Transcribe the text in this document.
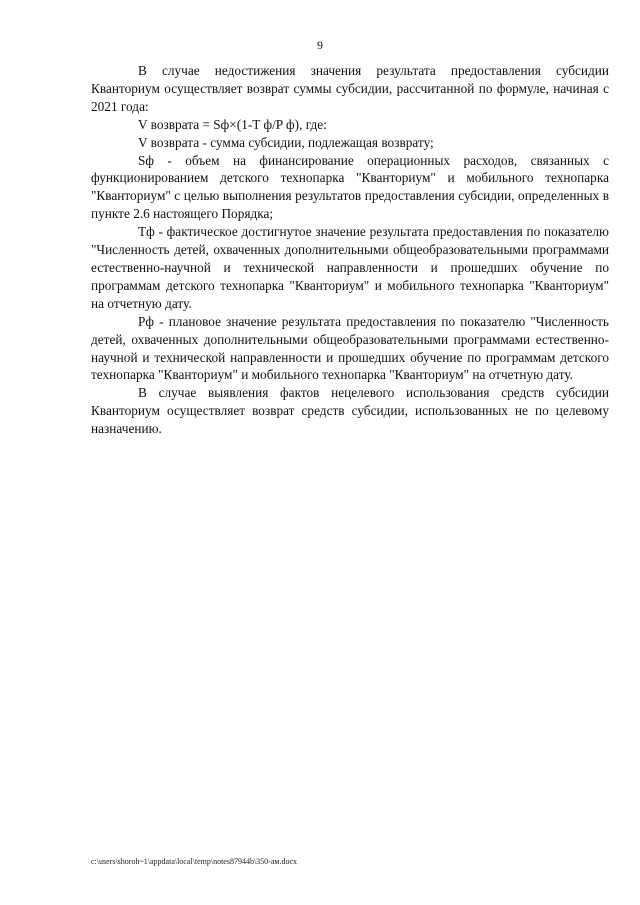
9

В случае недостижения значения результата предоставления субсидии Кванториум осуществляет возврат суммы субсидии, рассчитанной по формуле, начиная с 2021 года:

V возврата = Sф×(1-T ф/P ф), где:

V возврата - сумма субсидии, подлежащая возврату;

Sф - объем на финансирование операционных расходов, связанных с функционированием детского технопарка "Кванториум" и мобильного технопарка "Кванториум" с целью выполнения результатов предоставления субсидии, определенных в пункте 2.6 настоящего Порядка;

Тф - фактическое достигнутое значение результата предоставления по показателю "Численность детей, охваченных дополнительными общеобразовательными программами естественно-научной и технической направленности и прошедших обучение по программам детского технопарка "Кванториум" и мобильного технопарка "Кванториум" на отчетную дату.

Рф - плановое значение результата предоставления по показателю "Численность детей, охваченных дополнительными общеобразовательными программами естественно-научной и технической направленности и прошедших обучение по программам детского технопарка "Кванториум" и мобильного технопарка "Кванториум" на отчетную дату.

В случае выявления фактов нецелевого использования средств субсидии Кванториум осуществляет возврат средств субсидии, использованных не по целевому назначению.

c:\users\shoroh~1\appdata\local\temp\notes87944b\350-ам.docx
